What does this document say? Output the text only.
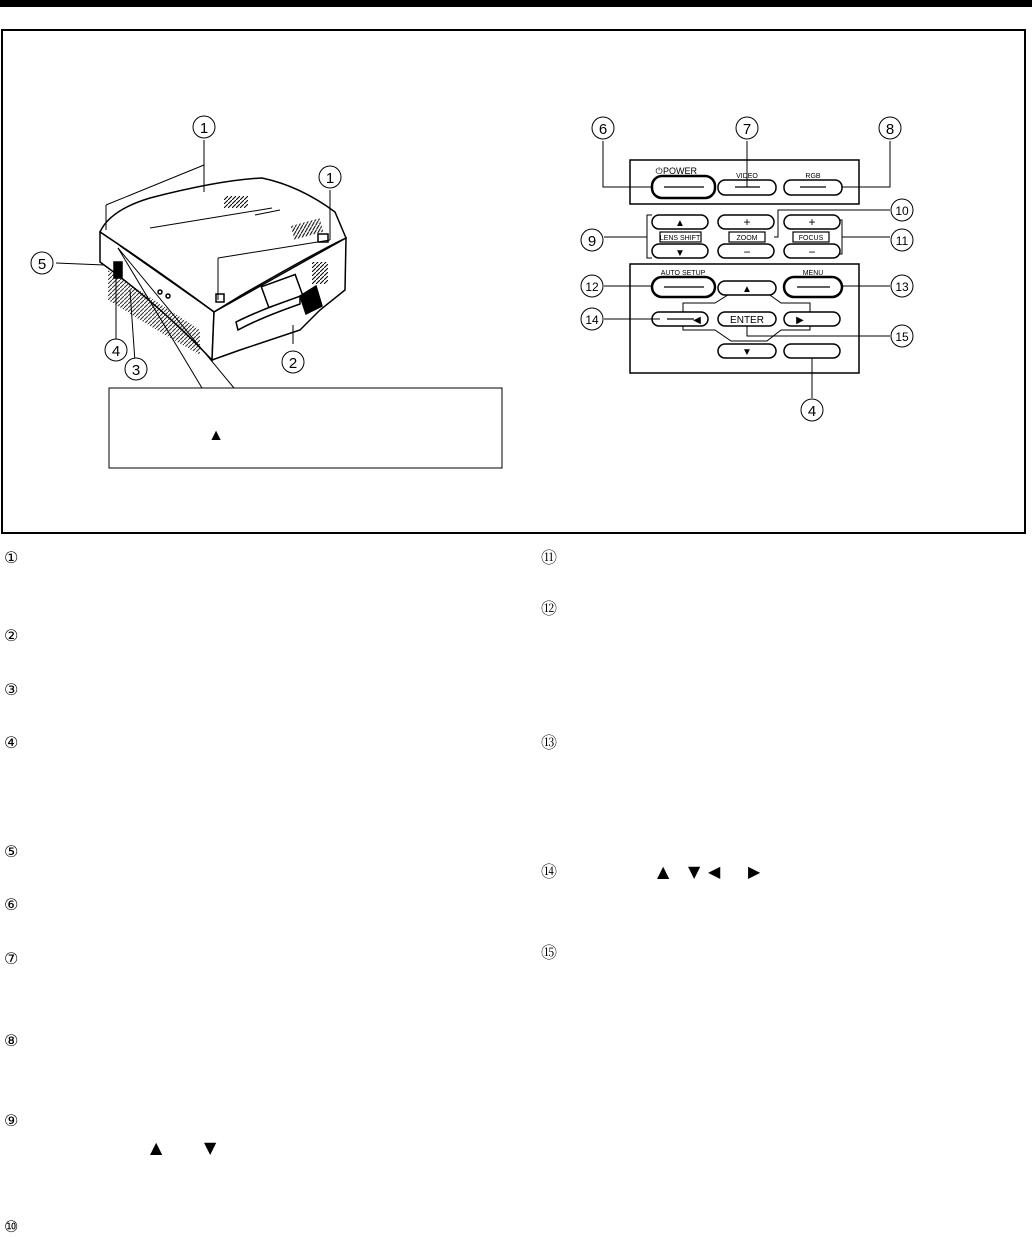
POWER
⏻
VIDEO	RGB
LENS SHIFT	ZOOM	FOCUS
AUTO SETUP	MENU
ENTER
+
−
+
−
▲
▼
▲
▼
◀	▶
▲
1
1
5
4
3	2
6	7	8
10
9	11
12	13
14
15
4
①
②
③
④
⑤
⑥
⑦
⑧
⑨
⑩
⑪
⑫
⑬
⑭
⑮
▲	▼
▲ ▼ ◀ ▶
